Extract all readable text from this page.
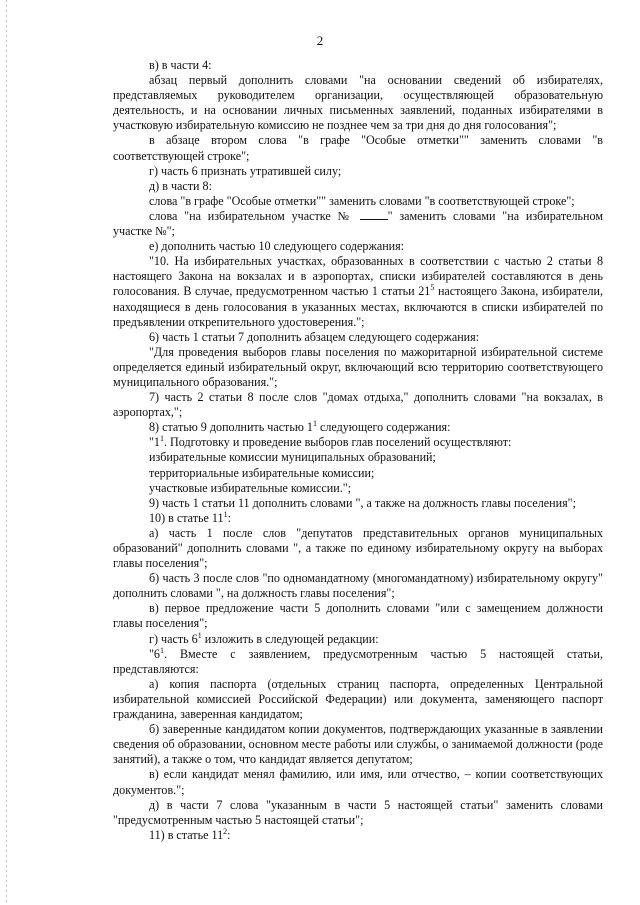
2

в) в части 4:

абзац первый дополнить словами "на основании сведений об избирателях, представляемых руководителем организации, осуществляющей образовательную деятельность, и на основании личных письменных заявлений, поданных избирателями в участковую избирательную комиссию не позднее чем за три дня до дня голосования";

в абзаце втором слова "в графе "Особые отметки"" заменить словами "в соответствующей строке";

г) часть 6 признать утратившей силу;

д) в части 8:

слова "в графе "Особые отметки"" заменить словами "в соответствующей строке";

слова "на избирательном участке №	" заменить словами "на избирательном участке №";

е) дополнить частью 10 следующего содержания:

"10. На избирательных участках, образованных в соответствии с частью 2 статьи 8 настоящего Закона на вокзалах и в аэропортах, списки избирателей составляются в день голосования. В случае, предусмотренном частью 1 статьи $21^5$ настоящего Закона, избиратели, находящиеся в день голосования в указанных местах, включаются в списки избирателей по предъявлении открепительного удостоверения.";

6) часть 1 статьи 7 дополнить абзацем следующего содержания:

"Для проведения выборов главы поселения по мажоритарной избирательной системе определяется единый избирательный округ, включающий всю территорию соответствующего муниципального образования.";

7) часть 2 статьи 8 после слов "домах отдыха," дополнить словами "на вокзалах, в аэропортах,";

8) статью 9 дополнить частью $1^1$ следующего содержания:

"$1^1$. Подготовку и проведение выборов глав поселений осуществляют:

избирательные комиссии муниципальных образований;

территориальные избирательные комиссии;

участковые избирательные комиссии.";

9) часть 1 статьи 11 дополнить словами ", а также на должность главы поселения";

10) в статье $11^1$:

а) часть 1 после слов "депутатов представительных органов муниципальных образований" дополнить словами ", а также по единому избирательному округу на выборах главы поселения";

б) часть 3 после слов "по одномандатному (многомандатному) избирательному округу" дополнить словами ", на должность главы поселения";

в) первое предложение части 5 дополнить словами "или с замещением должности главы поселения";

г) часть $6^1$ изложить в следующей редакции:

"$6^1$. Вместе с заявлением, предусмотренным частью 5 настоящей статьи, представляются:

а) копия паспорта (отдельных страниц паспорта, определенных Центральной избирательной комиссией Российской Федерации) или документа, заменяющего паспорт гражданина, заверенная кандидатом;

б) заверенные кандидатом копии документов, подтверждающих указанные в заявлении сведения об образовании, основном месте работы или службы, о занимаемой должности (роде занятий), а также о том, что кандидат является депутатом;

в) если кандидат менял фамилию, или имя, или отчество, – копии соответствующих документов.";

д) в части 7 слова "указанным в части 5 настоящей статьи" заменить словами "предусмотренным частью 5 настоящей статьи";

11) в статье $11^2$:
